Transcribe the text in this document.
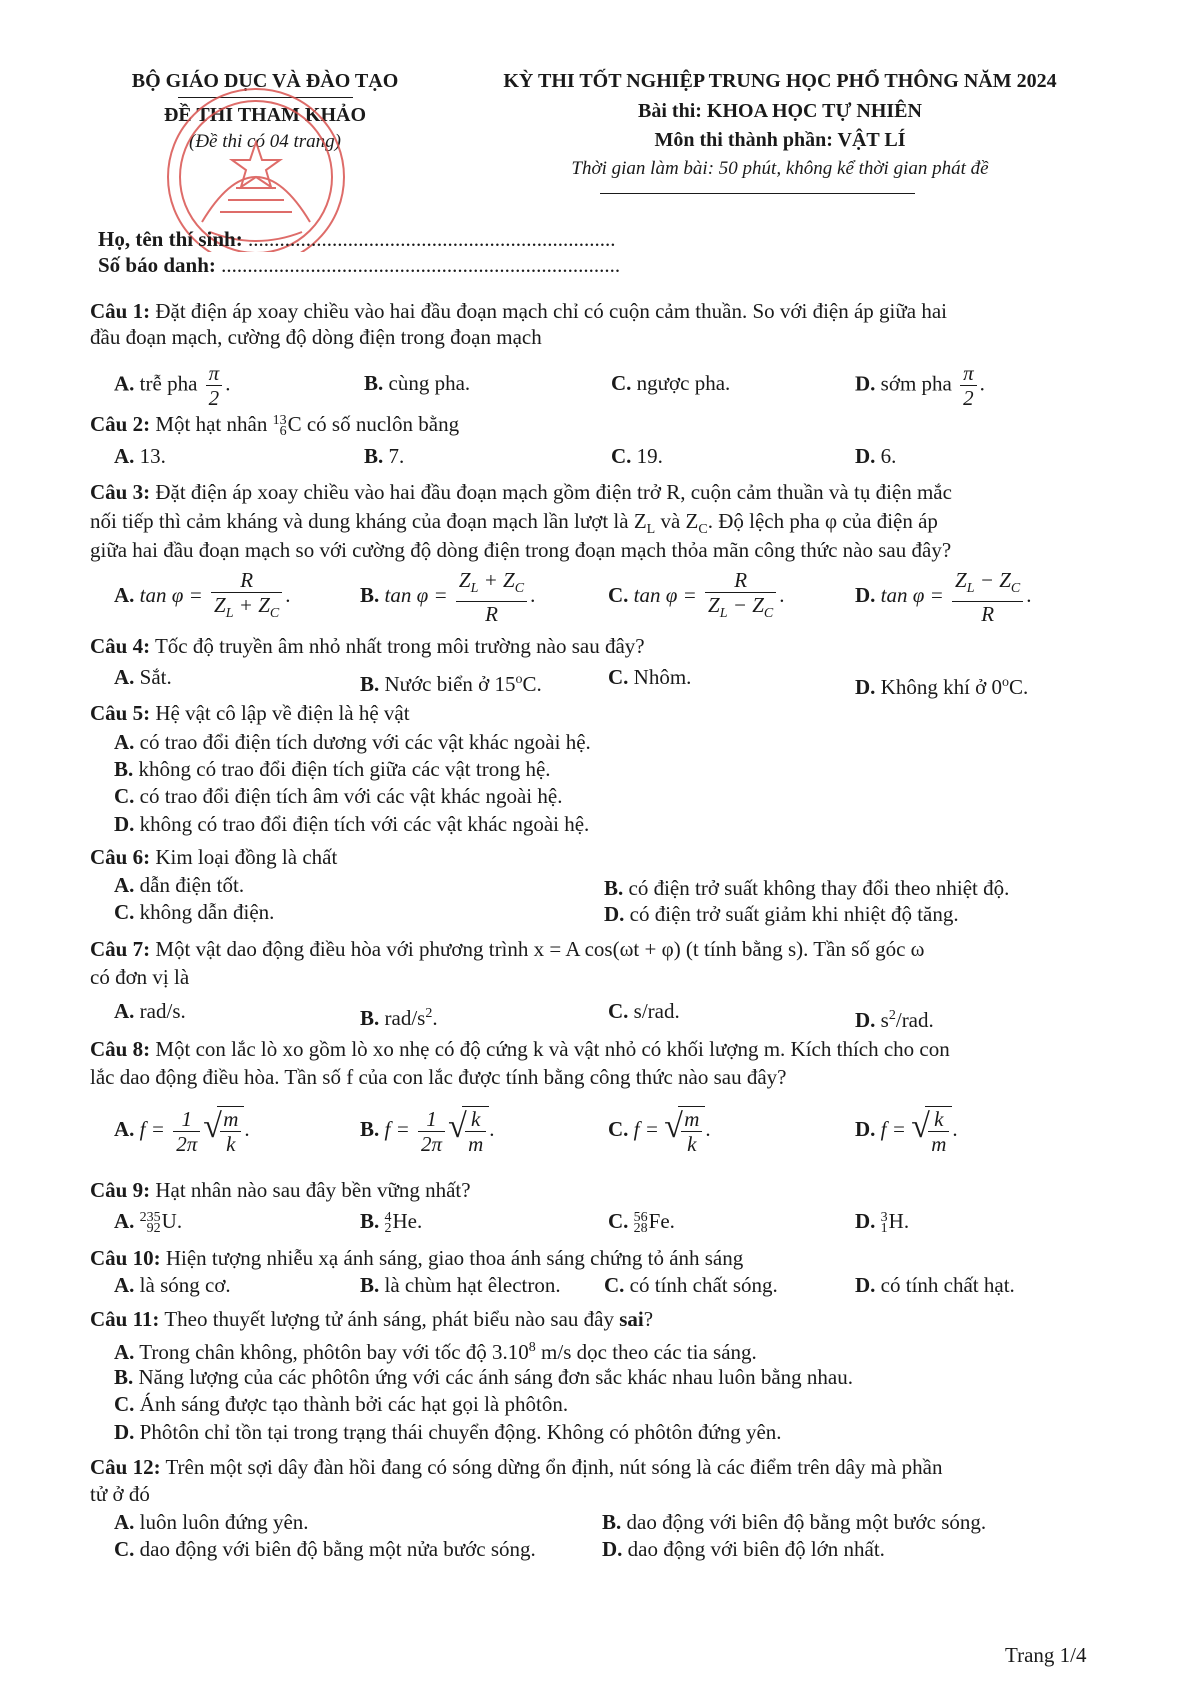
BỘ GIÁO DỤC VÀ ĐÀO TẠO
ĐỀ THI THAM KHẢO
(Đề thi có 04 trang)
KỲ THI TỐT NGHIỆP TRUNG HỌC PHỔ THÔNG NĂM 2024
Bài thi: KHOA HỌC TỰ NHIÊN
Môn thi thành phần: VẬT LÍ
Thời gian làm bài: 50 phút, không kể thời gian phát đề
Họ, tên thí sinh: ......................................................................
Số báo danh: ............................................................................
Câu 1: Đặt điện áp xoay chiều vào hai đầu đoạn mạch chỉ có cuộn cảm thuần. So với điện áp giữa hai
đầu đoạn mạch, cường độ dòng điện trong đoạn mạch
A. trễ pha $\frac{\pi}{2}$ .	B. cùng pha.	C. ngược pha.	D. sớm pha $\frac{\pi}{2}$ .
Câu 2: Một hạt nhân 13
6 C có số nuclôn bằng
A. 13.	B. 7.	C. 19.	D. 6.
Câu 3: Đặt điện áp xoay chiều vào hai đầu đoạn mạch gồm điện trở R, cuộn cảm thuần và tụ điện mắc
nối tiếp thì cảm kháng và dung kháng của đoạn mạch lần lượt là $Z_L$ và $Z_C$. Độ lệch pha φ của điện áp
giữa hai đầu đoạn mạch so với cường độ dòng điện trong đoạn mạch thỏa mãn công thức nào sau đây?
A. $\tan \varphi = \frac{R}{Z_L + Z_C}$ .	B. $\tan \varphi = \frac{Z_L + Z_C}{R}$ .	C. $\tan \varphi = \frac{R}{Z_L - Z_C}$ .	D. $\tan \varphi = \frac{Z_L - Z_C}{R}$ .
Câu 4: Tốc độ truyền âm nhỏ nhất trong môi trường nào sau đây?
A. Sắt.	B. Nước biển ở 15$^o$C.	C. Nhôm.	D. Không khí ở 0$^o$C.
Câu 5: Hệ vật cô lập về điện là hệ vật
A. có trao đổi điện tích dương với các vật khác ngoài hệ.
B. không có trao đổi điện tích giữa các vật trong hệ.
C. có trao đổi điện tích âm với các vật khác ngoài hệ.
D. không có trao đổi điện tích với các vật khác ngoài hệ.
Câu 6: Kim loại đồng là chất
A. dẫn điện tốt.	B. có điện trở suất không thay đổi theo nhiệt độ.
C. không dẫn điện.	D. có điện trở suất giảm khi nhiệt độ tăng.
Câu 7: Một vật dao động điều hòa với phương trình x = A cos(ωt + φ) (t tính bằng s). Tần số góc ω
có đơn vị là
A. rad/s.	B. rad/$s^2$.	C. s/rad.	D. $s^2$/rad.
Câu 8: Một con lắc lò xo gồm lò xo nhẹ có độ cứng k và vật nhỏ có khối lượng m. Kích thích cho con
lắc dao động điều hòa. Tần số f của con lắc được tính bằng công thức nào sau đây?
A. $f = \frac{1}{2\pi}$ √
$\frac{m}{k}$ .	B. $f = \frac{1}{2\pi}$ √
$\frac{k}{m}$ .	C. f = √
$\frac{m}{k}$ .	D. f = √
$\frac{k}{m}$ .
Câu 9: Hạt nhân nào sau đây bền vững nhất?
A. 235
92 U.	B. 4
2 He.	C. 56
28 Fe.	D. 3
1 H.
Câu 10: Hiện tượng nhiễu xạ ánh sáng, giao thoa ánh sáng chứng tỏ ánh sáng
A. là sóng cơ.	B. là chùm hạt êlectron. C. có tính chất sóng.	D. có tính chất hạt.
Câu 11: Theo thuyết lượng tử ánh sáng, phát biểu nào sau đây sai?
A. Trong chân không, phôtôn bay với tốc độ 3.10$^8$ m/s dọc theo các tia sáng.
B. Năng lượng của các phôtôn ứng với các ánh sáng đơn sắc khác nhau luôn bằng nhau.
C. Ánh sáng được tạo thành bởi các hạt gọi là phôtôn.
D. Phôtôn chỉ tồn tại trong trạng thái chuyển động. Không có phôtôn đứng yên.
Câu 12: Trên một sợi dây đàn hồi đang có sóng dừng ổn định, nút sóng là các điểm trên dây mà phần
tử ở đó
A. luôn luôn đứng yên.	B. dao động với biên độ bằng một bước sóng.
C. dao động với biên độ bằng một nửa bước sóng.	D. dao động với biên độ lớn nhất.
Trang 1/4
